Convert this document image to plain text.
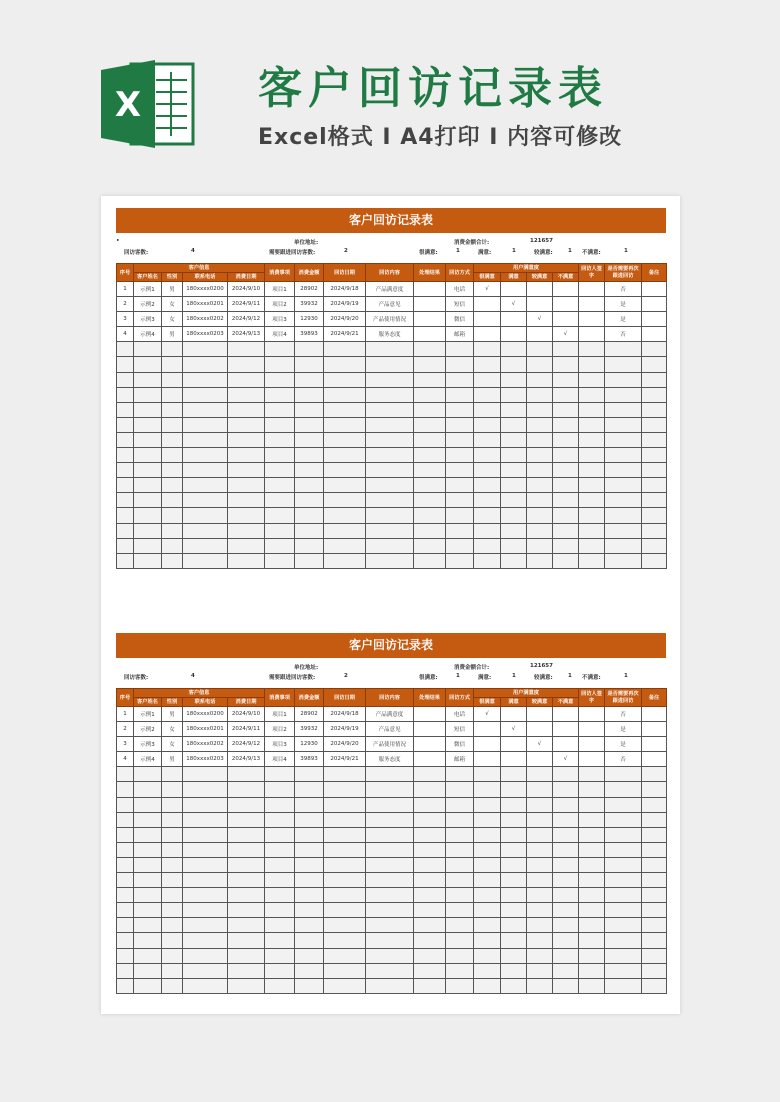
X	客户回访记录表
Excel格式 I A4打印 I 内容可修改
客户回访记录表
•
回访客数:	4
单位地址:
需要跟进回访客数:	2
消费金额合计:	121657
很满意:	1	满意:	1	较满意:	1 不满意:	1
序号	客户信息				消费事项	消费金额	回访日期	回访内容	处理结果	回访方式	用户满意度				回访人签字	是否需要再次跟进回访	备注
	客户姓名	性别	联系电话	消费日期							很满意	满意	较满意	不满意			
1	示例1	男	180xxxx0200	2024/9/10	项目1	28902	2024/9/18	产品满意度		电话	√					否	
2	示例2	女	180xxxx0201	2024/9/11	项目2	39932	2024/9/19	产品意见		短信		√				是	
3	示例3	女	180xxxx0202	2024/9/12	项目3	12930	2024/9/20	产品使用情况		微信			√			是	
4	示例4	男	180xxxx0203	2024/9/13	项目4	39893	2024/9/21	服务态度		邮箱				√		否	

客户回访记录表
回访客数:	4
单位地址:
需要跟进回访客数:	2
消费金额合计:	121657
很满意:	1	满意:	1	较满意:	1 不满意:	1
序号	客户信息				消费事项	消费金额	回访日期	回访内容	处理结果	回访方式	用户满意度				回访人签字	是否需要再次跟进回访	备注
	客户姓名	性别	联系电话	消费日期							很满意	满意	较满意	不满意			
1	示例1	男	180xxxx0200	2024/9/10	项目1	28902	2024/9/18	产品满意度		电话	√					否	
2	示例2	女	180xxxx0201	2024/9/11	项目2	39932	2024/9/19	产品意见		短信		√				是	
3	示例3	女	180xxxx0202	2024/9/12	项目3	12930	2024/9/20	产品使用情况		微信			√			是	
4	示例4	男	180xxxx0203	2024/9/13	项目4	39893	2024/9/21	服务态度		邮箱				√		否	
